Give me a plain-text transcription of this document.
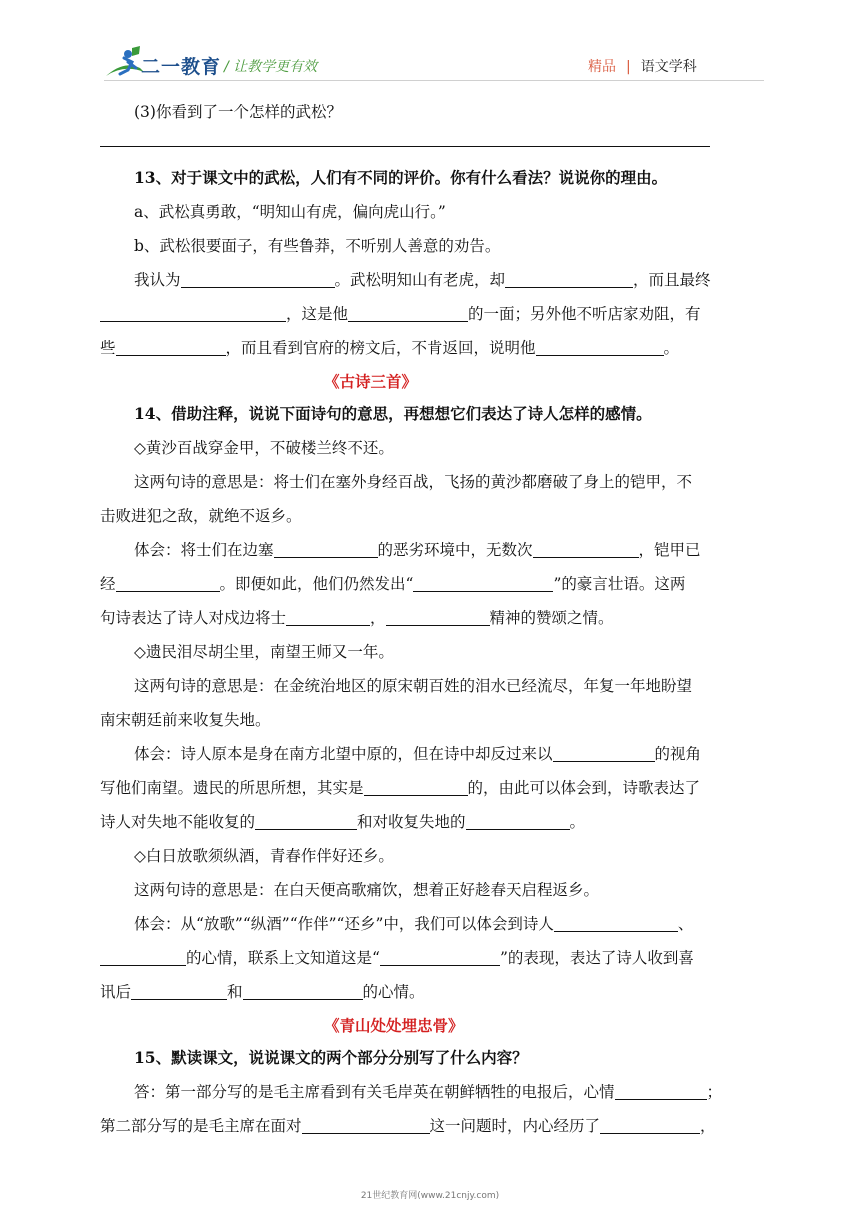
二一教育 / 让教学更有效	精品 | 语文学科
(3)你看到了一个怎样的武松？
13、对于课文中的武松，人们有不同的评价。你有什么看法？说说你的理由。
a、武松真勇敢，“明知山有虎，偏向虎山行。”
b、武松很要面子，有些鲁莽，不听别人善意的劝告。
我认为	。武松明知山有老虎，却	，而且最终
，这是他	的一面；另外他不听店家劝阻，有
些	，而且看到官府的榜文后，不肯返回，说明他	。
《古诗三首》
14、借助注释，说说下面诗句的意思，再想想它们表达了诗人怎样的感情。
◇黄沙百战穿金甲，不破楼兰终不还。
这两句诗的意思是：将士们在塞外身经百战，飞扬的黄沙都磨破了身上的铠甲，不
击败进犯之敌，就绝不返乡。
体会：将士们在边塞	的恶劣环境中，无数次	，铠甲已
经	。即便如此，他们仍然发出“	”的豪言壮语。这两
句诗表达了诗人对戍边将士	，	精神的赞颂之情。
◇遗民泪尽胡尘里，南望王师又一年。
这两句诗的意思是：在金统治地区的原宋朝百姓的泪水已经流尽，年复一年地盼望
南宋朝廷前来收复失地。
体会：诗人原本是身在南方北望中原的，但在诗中却反过来以	的视角
写他们南望。遗民的所思所想，其实是	的，由此可以体会到，诗歌表达了
诗人对失地不能收复的	和对收复失地的	。
◇白日放歌须纵酒，青春作伴好还乡。
这两句诗的意思是：在白天便高歌痛饮，想着正好趁春天启程返乡。
体会：从“放歌”“纵酒”“作伴”“还乡”中，我们可以体会到诗人	、
的心情，联系上文知道这是“	”的表现，表达了诗人收到喜
讯后	和	的心情。
《青山处处埋忠骨》
15、默读课文，说说课文的两个部分分别写了什么内容？
答：第一部分写的是毛主席看到有关毛岸英在朝鲜牺牲的电报后，心情	；
第二部分写的是毛主席在面对	这一问题时，内心经历了	，
21世纪教育网(www.21cnjy.com)
